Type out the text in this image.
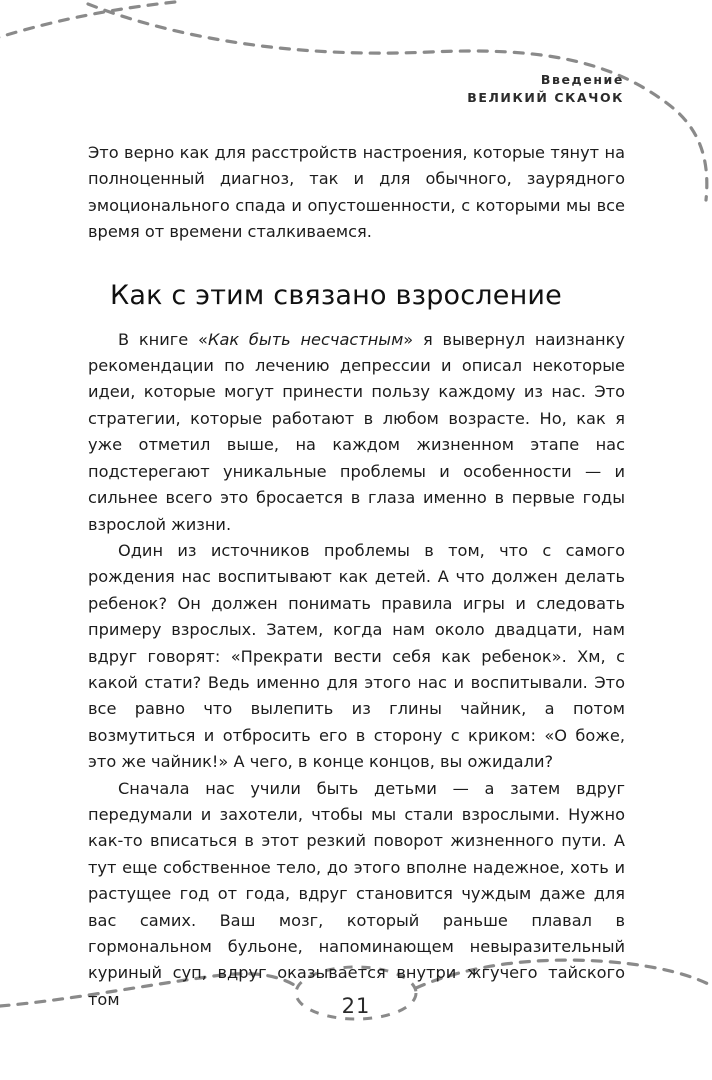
Введение
ВЕЛИКИЙ СКАЧОК

Это верно как для расстройств настроения, которые тянут на полноценный диагноз, так и для обычного, заурядного эмоционального спада и опустошенности, с которыми мы все время от времени сталкиваемся.

Как с этим связано взросление

В книге «Как быть несчастным» я вывернул наизнанку рекомендации по лечению депрессии и описал некоторые идеи, которые могут принести пользу каждому из нас. Это стратегии, которые работают в любом возрасте. Но, как я уже отметил выше, на каждом жизненном этапе нас подстерегают уникальные проблемы и особенности — и сильнее всего это бросается в глаза именно в первые годы взрослой жизни.

Один из источников проблемы в том, что с самого рождения нас воспитывают как детей. А что должен делать ребенок? Он должен понимать правила игры и следовать примеру взрослых. Затем, когда нам около двадцати, нам вдруг говорят: «Прекрати вести себя как ребенок». Хм, с какой стати? Ведь именно для этого нас и воспитывали. Это все равно что вылепить из глины чайник, а потом возмутиться и отбросить его в сторону с криком: «О боже, это же чайник!» А чего, в конце концов, вы ожидали?

Сначала нас учили быть детьми — а затем вдруг передумали и захотели, чтобы мы стали взрослыми. Нужно как-то вписаться в этот резкий поворот жизненного пути. А тут еще собственное тело, до этого вполне надежное, хоть и растущее год от года, вдруг становится чуждым даже для вас самих. Ваш мозг, который раньше плавал в гормональном бульоне, напоминающем невыразительный куриный суп, вдруг оказывается внутри жгучего тайского том	21
